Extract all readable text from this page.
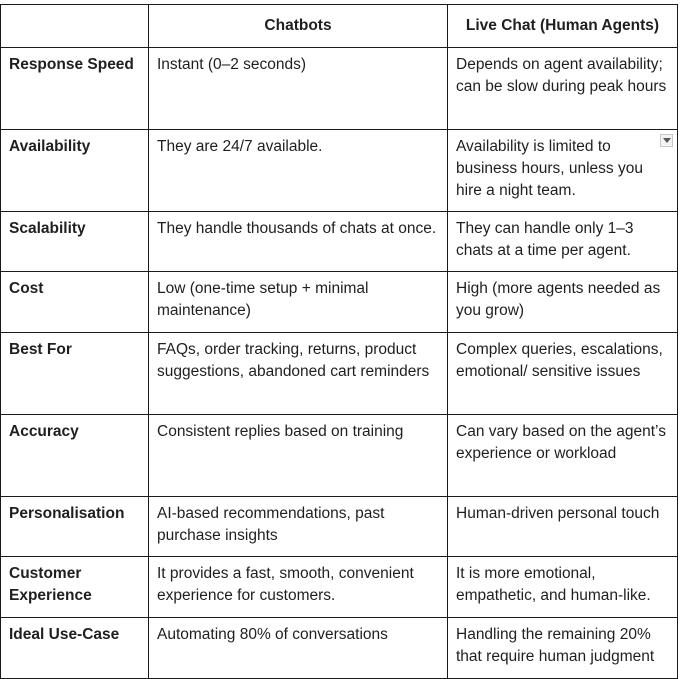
	Chatbots	Live Chat (Human Agents)
Response Speed	Instant (0–2 seconds)	Depends on agent availability; can be slow during peak hours
Availability	They are 24/7 available.	Availability is limited to business hours, unless you hire a night team.

Scalability	They handle thousands of chats at once.	They can handle only 1–3 chats at a time per agent.
Cost	Low (one-time setup + minimal maintenance)	High (more agents needed as you grow)
Best For	FAQs, order tracking, returns, product suggestions, abandoned cart reminders	Complex queries, escalations, emotional/ sensitive issues
Accuracy	Consistent replies based on training	Can vary based on the agent’s experience or workload
Personalisation	AI-based recommendations, past purchase insights	Human-driven personal touch
Customer Experience	It provides a fast, smooth, convenient experience for customers.	It is more emotional, empathetic, and human-like.
Ideal Use-Case	Automating 80% of conversations	Handling the remaining 20% that require human judgment
